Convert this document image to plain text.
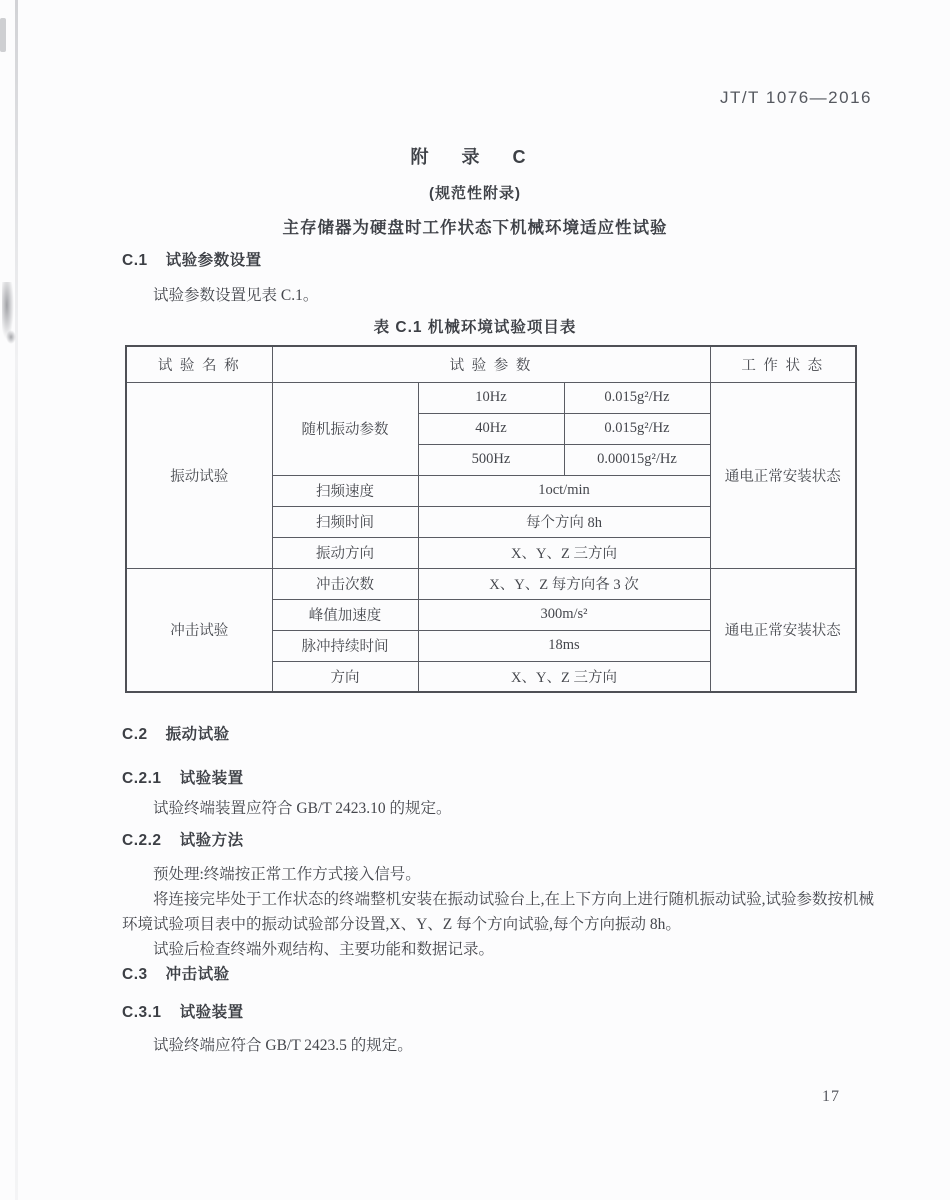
JT/T 1076—2016
附 录 C
(规范性附录)
主存储器为硬盘时工作状态下机械环境适应性试验
C.1 试验参数设置
试验参数设置见表 C.1。
表 C.1 机械环境试验项目表
试 验 名 称	试 验 参 数			工 作 状 态
振动试验	随机振动参数	10Hz	0.015g²/Hz	通电正常安装状态
		40Hz	0.015g²/Hz	
		500Hz	0.00015g²/Hz	
	扫频速度	1oct/min		
	扫频时间	每个方向 8h		
	振动方向	X、Y、Z 三方向		
冲击试验	冲击次数	X、Y、Z 每方向各 3 次		通电正常安装状态
	峰值加速度	300m/s²		
	脉冲持续时间	18ms		
	方向	X、Y、Z 三方向		
C.2 振动试验
C.2.1 试验装置
试验终端装置应符合 GB/T 2423.10 的规定。
C.2.2 试验方法
预处理:终端按正常工作方式接入信号。
将连接完毕处于工作状态的终端整机安装在振动试验台上,在上下方向上进行随机振动试验,试验参数按机械环境试验项目表中的振动试验部分设置,X、Y、Z 每个方向试验,每个方向振动 8h。
试验后检查终端外观结构、主要功能和数据记录。
C.3 冲击试验
C.3.1 试验装置
试验终端应符合 GB/T 2423.5 的规定。
17
